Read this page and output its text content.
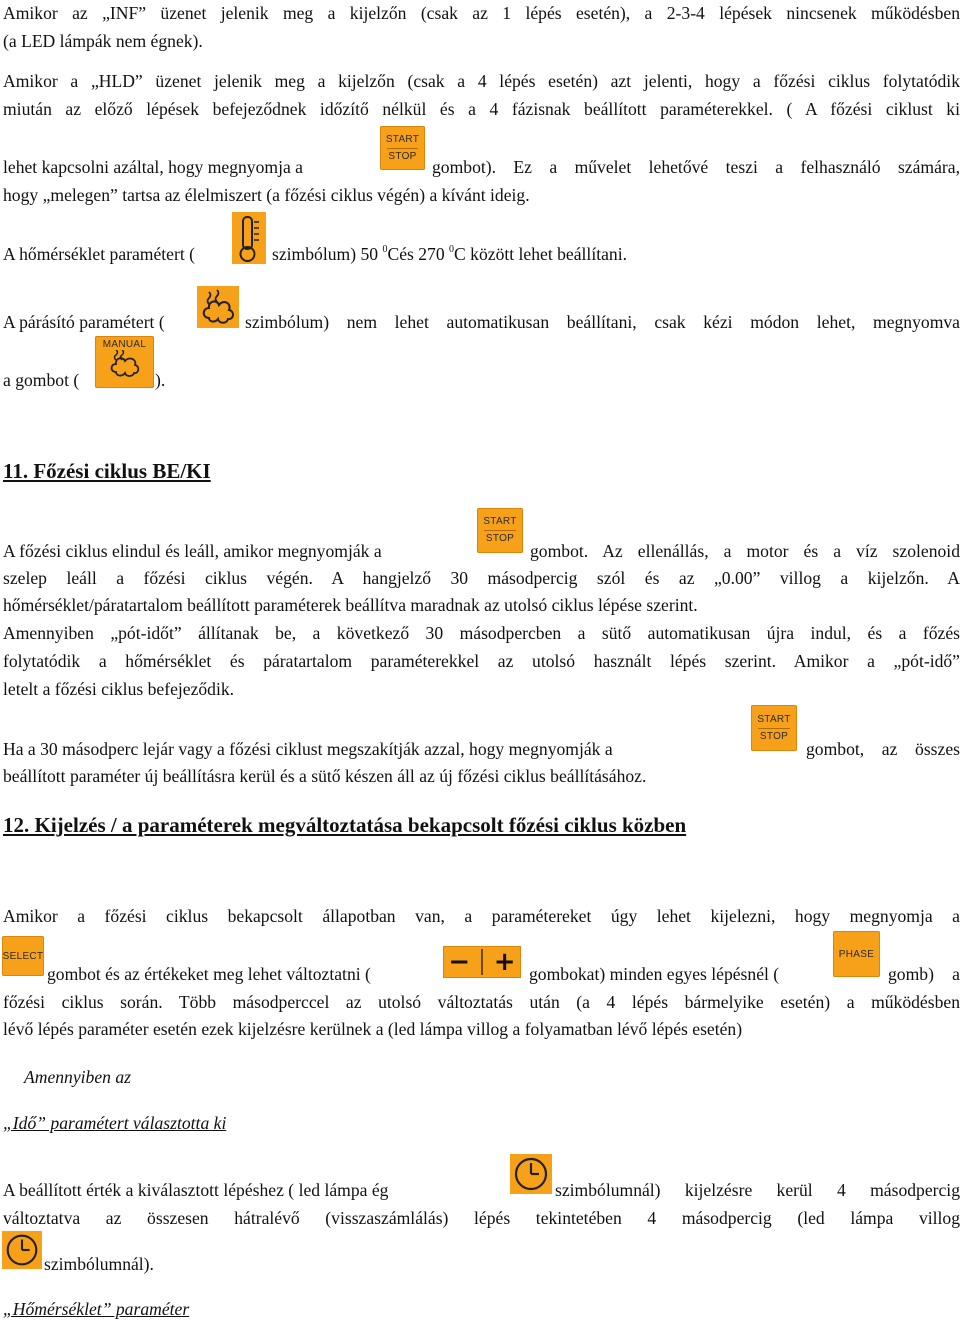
Amikor az „INF” üzenet jelenik meg a kijelzőn (csak az 1 lépés esetén), a 2-3-4 lépések nincsenek működésben
(a LED lámpák nem égnek).
Amikor a „HLD” üzenet jelenik meg a kijelzőn (csak a 4 lépés esetén) azt jelenti, hogy a főzési ciklus folytatódik
miután az előző lépések befejeződnek időzítő nélkül és a 4 fázisnak beállított paraméterekkel. ( A főzési ciklust ki
lehet kapcsolni azáltal, hogy megnyomja a
START
STOP
gombot). Ez a művelet lehetővé teszi a felhasználó számára,
hogy „melegen” tartsa az élelmiszert (a főzési ciklus végén) a kívánt ideig.
A hőmérséklet paramétert (	szimbólum) 50 $^0$Cés 270 $^0$C között lehet beállítani.
A párásító paramétert (	szimbólum) nem lehet automatikusan beállítani, csak kézi módon lehet, megnyomva
a gombot (
MANUAL
).
11. Főzési ciklus BE/KI
A főzési ciklus elindul és leáll, amikor megnyomják a
START
STOP
gombot. Az ellenállás, a motor és a víz szolenoid
szelep leáll a főzési ciklus végén. A hangjelző 30 másodpercig szól és az „0.00” villog a kijelzőn. A
hőmérséklet/páratartalom beállított paraméterek beállítva maradnak az utolsó ciklus lépése szerint.
Amennyiben „pót-időt” állítanak be, a következő 30 másodpercben a sütő automatikusan újra indul, és a főzés
folytatódik a hőmérséklet és páratartalom paraméterekkel az utolsó használt lépés szerint. Amikor a „pót-idő”
letelt a főzési ciklus befejeződik.
Ha a 30 másodperc lejár vagy a főzési ciklust megszakítják azzal, hogy megnyomják a
START
STOP
gombot, az összes
beállított paraméter új beállításra kerül és a sütő készen áll az új főzési ciklus beállításához.
12. Kijelzés / a paraméterek megváltoztatása bekapcsolt főzési ciklus közben
Amikor a főzési ciklus bekapcsolt állapotban van, a paramétereket úgy lehet kijelezni, hogy megnyomja a
SELECT
gombot és az értékeket meg lehet változtatni (	− + gombokat) minden egyes lépésnél (
PHASE
gomb) a
főzési ciklus során. Több másodperccel az utolsó változtatás után (a 4 lépés bármelyike esetén) a működésben
lévő lépés paraméter esetén ezek kijelzésre kerülnek a (led lámpa villog a folyamatban lévő lépés esetén)
Amennyiben az
„Idő” paramétert választotta ki
A beállított érték a kiválasztott lépéshez ( led lámpa ég	szimbólumnál) kijelzésre kerül 4 másodpercig
változtatva az összesen hátralévő (visszaszámlálás) lépés tekintetében 4 másodpercig (led lámpa villog
szimbólumnál).
„Hőmérséklet” paraméter
